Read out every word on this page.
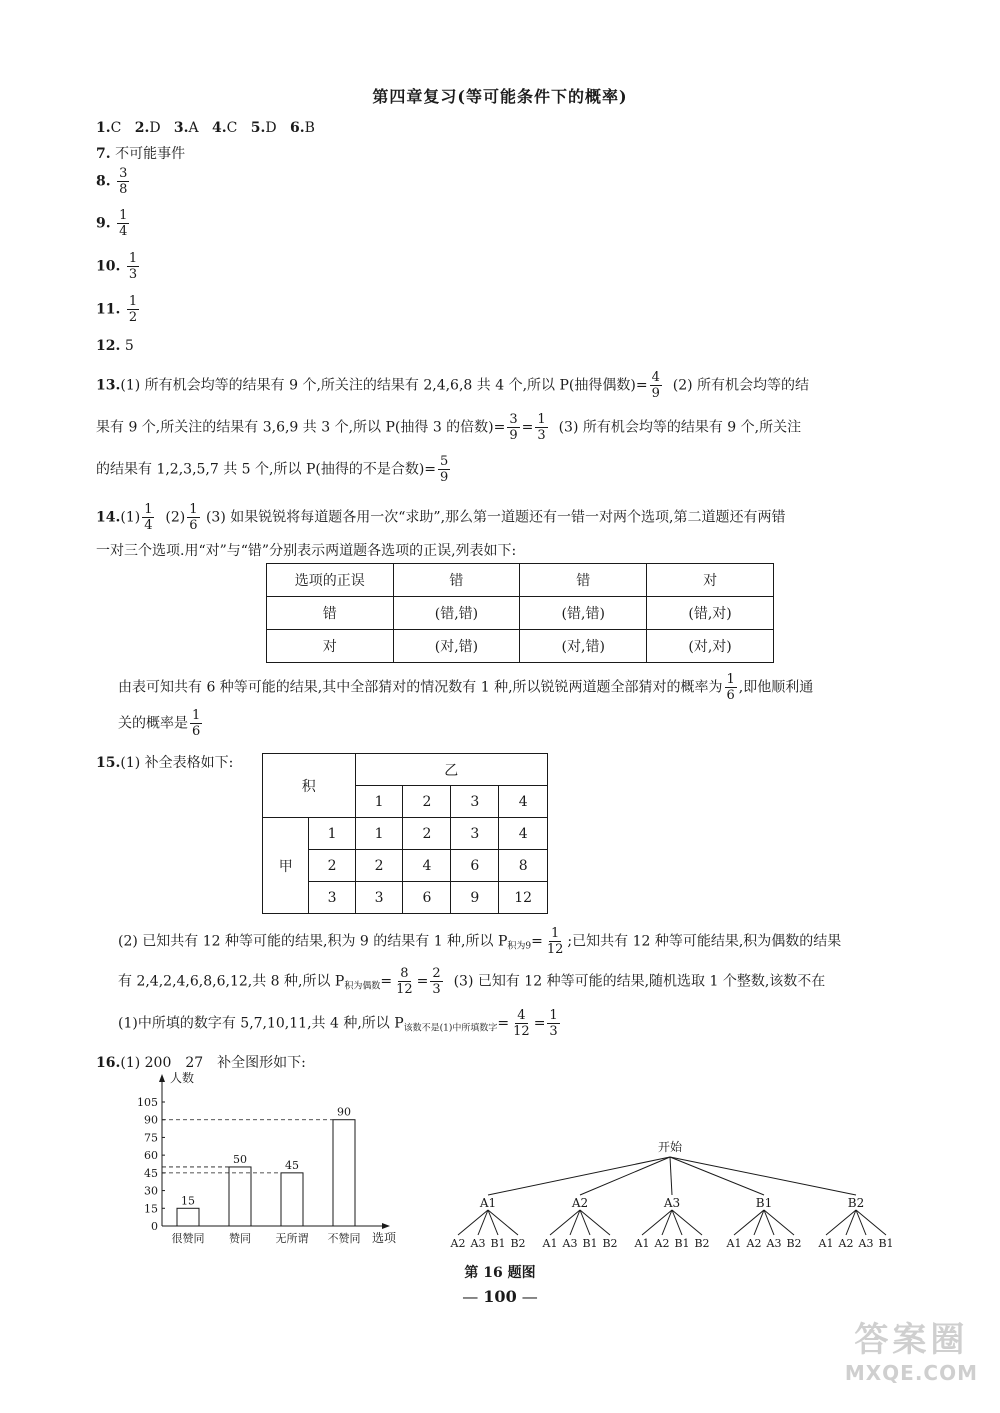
第四章复习(等可能条件下的概率)
1.C 2.D 3.A 4.C 5.D 6.B
7. 不可能事件
8. $\frac{3}{8}$
9. $\frac{1}{4}$
10. $\frac{1}{3}$
11. $\frac{1}{2}$
12. 5
13.(1) 所有机会均等的结果有 9 个,所关注的结果有 2,4,6,8 共 4 个,所以 P(抽得偶数)= $\frac{4}{9} (2)$ 所有机会均等的结
果有 9 个,所关注的结果有 3,6,9 共 3 个,所以 P(抽得 3 的倍数)= $\frac{3}{9} = \frac{1}{3} (3)$ 所有机会均等的结果有 9 个,所关注
的结果有 1,2,3,5,7 共 5 个,所以 P(抽得的不是合数)= $\frac{5}{9}$
$14.(1) \frac{1}{4} (2) \frac{1}{6} (3)$ 如果锐锐将每道题各用一次“求助”,那么第一道题还有一错一对两个选项,第二道题还有两错
一对三个选项.用“对”与“错”分别表示两道题各选项的正误,列表如下:
选项的正误	错	错	对
错	(错,错)	(错,错)	(错,对)
对	(对,错)	(对,错)	(对,对)
由表可知共有 6 种等可能的结果,其中全部猜对的情况数有 1 种,所以锐锐两道题全部猜对的概率为 $\frac{1}{6}$ ,即他顺利通
关的概率是 $\frac{1}{6}$
15.(1) 补全表格如下:
积		乙			
		1	2	3	4
甲	1	1	2	3	4
	2	2	4	6	8
	3	3	6	9	12
(2) 已知共有 12 种等可能的结果,积为 9 的结果有 1 种,所以 $P_{积为9}= \frac{1}{12}$ ;已知共有 12 种等可能结果,积为偶数的结果
有 2,4,2,4,6,8,6,12,共 8 种,所以 $P_{积为偶数}= \frac{8}{12} = \frac{2}{3} (3)$ 已知有 12 种等可能的结果,随机选取 1 个整数,该数不在
(1)中所填的数字有 5,7,10,11,共 4 种,所以 $P_{该数不是(1)中所填数字}= \frac{4}{12} = \frac{1}{3}$
16.(1) 200　27　补全图形如下:
人数
选项
0
15
30
45
60
75
90
105
15
很赞同
50
赞同
45
无所谓
90
不赞同
开始
A1
A2 A3 B1 B2
A2
A1 A3 B1 B2
A3
A1 A2 B1 B2
B1
A1 A2 A3 B2
B2
A1 A2 A3 B1
第 16 题图
— 100 —
答案圈
MXQE.COM
